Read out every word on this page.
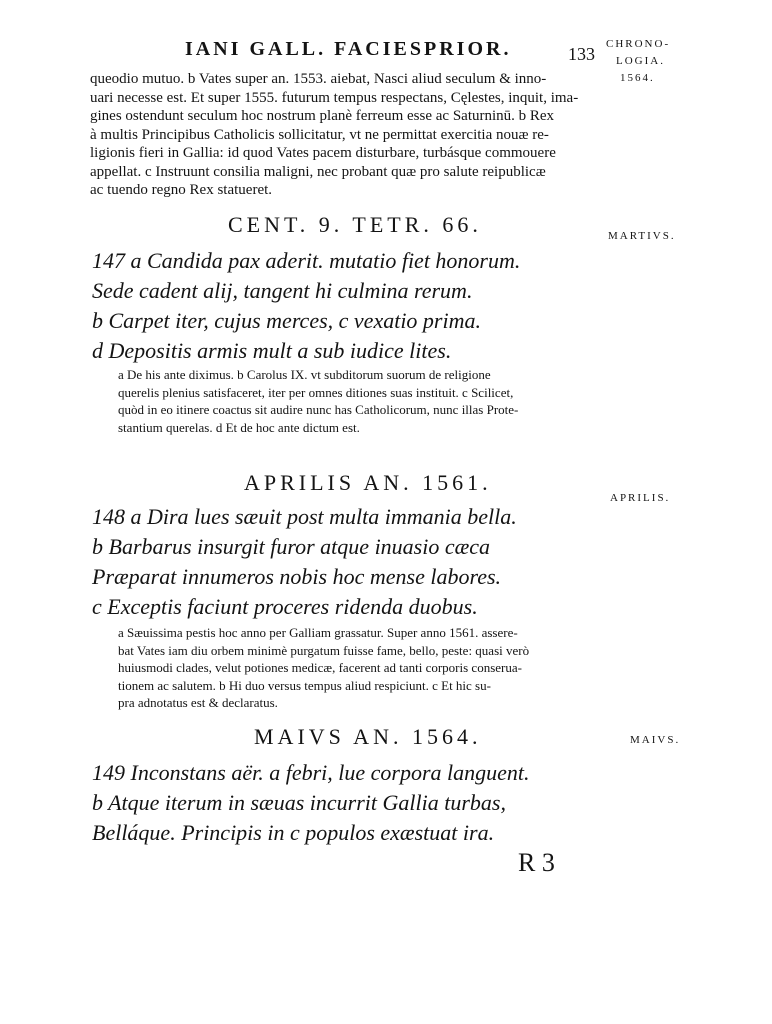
IANI GALL. FACIESPRIOR.	133 CHRONO-
LOGIA.
1564.
queodio mutuo. b Vates super an. 1553. aiebat, Nasci aliud seculum & inno-
uari necesse est. Et super 1555. futurum tempus respectans, Cęlestes, inquit, ima-
gines ostendunt seculum hoc nostrum planè ferreum esse ac Saturninū. b Rex
à multis Principibus Catholicis sollicitatur, vt ne permittat exercitia nouæ re-
ligionis fieri in Gallia: id quod Vates pacem disturbare, turbásque commouere
appellat. c Instruunt consilia maligni, nec probant quæ pro salute reipublicæ
ac tuendo regno Rex statueret.
CENT. 9. TETR. 66.	MARTIVS.
147 a Candida pax aderit. mutatio fiet honorum.
Sede cadent alij, tangent hi culmina rerum.
b Carpet iter, cujus merces, c vexatio prima.
d Depositis armis mult a sub iudice lites.
a De his ante diximus. b Carolus IX. vt subditorum suorum de religione
querelis plenius satisfaceret, iter per omnes ditiones suas instituit. c Scilicet,
quòd in eo itinere coactus sit audire nunc has Catholicorum, nunc illas Prote-
stantium querelas. d Et de hoc ante dictum est.
APRILIS AN. 1561.
APRILIS.
148 a Dira lues sæuit post multa immania bella.
b Barbarus insurgit furor atque inuasio cæca
Præparat innumeros nobis hoc mense labores.
c Exceptis faciunt proceres ridenda duobus.
a Sæuissima pestis hoc anno per Galliam grassatur. Super anno 1561. assere-
bat Vates iam diu orbem minimè purgatum fuisse fame, bello, peste: quasi verò
huiusmodi clades, velut potiones medicæ, facerent ad tanti corporis conserua-
tionem ac salutem. b Hi duo versus tempus aliud respiciunt. c Et hic su-
pra adnotatus est & declaratus.
MAIVS AN. 1564.	MAIVS.
149 Inconstans aër. a febri, lue corpora languent.
b Atque iterum in sæuas incurrit Gallia turbas,
Belláque. Principis in c populos exæstuat ira.
R 3
